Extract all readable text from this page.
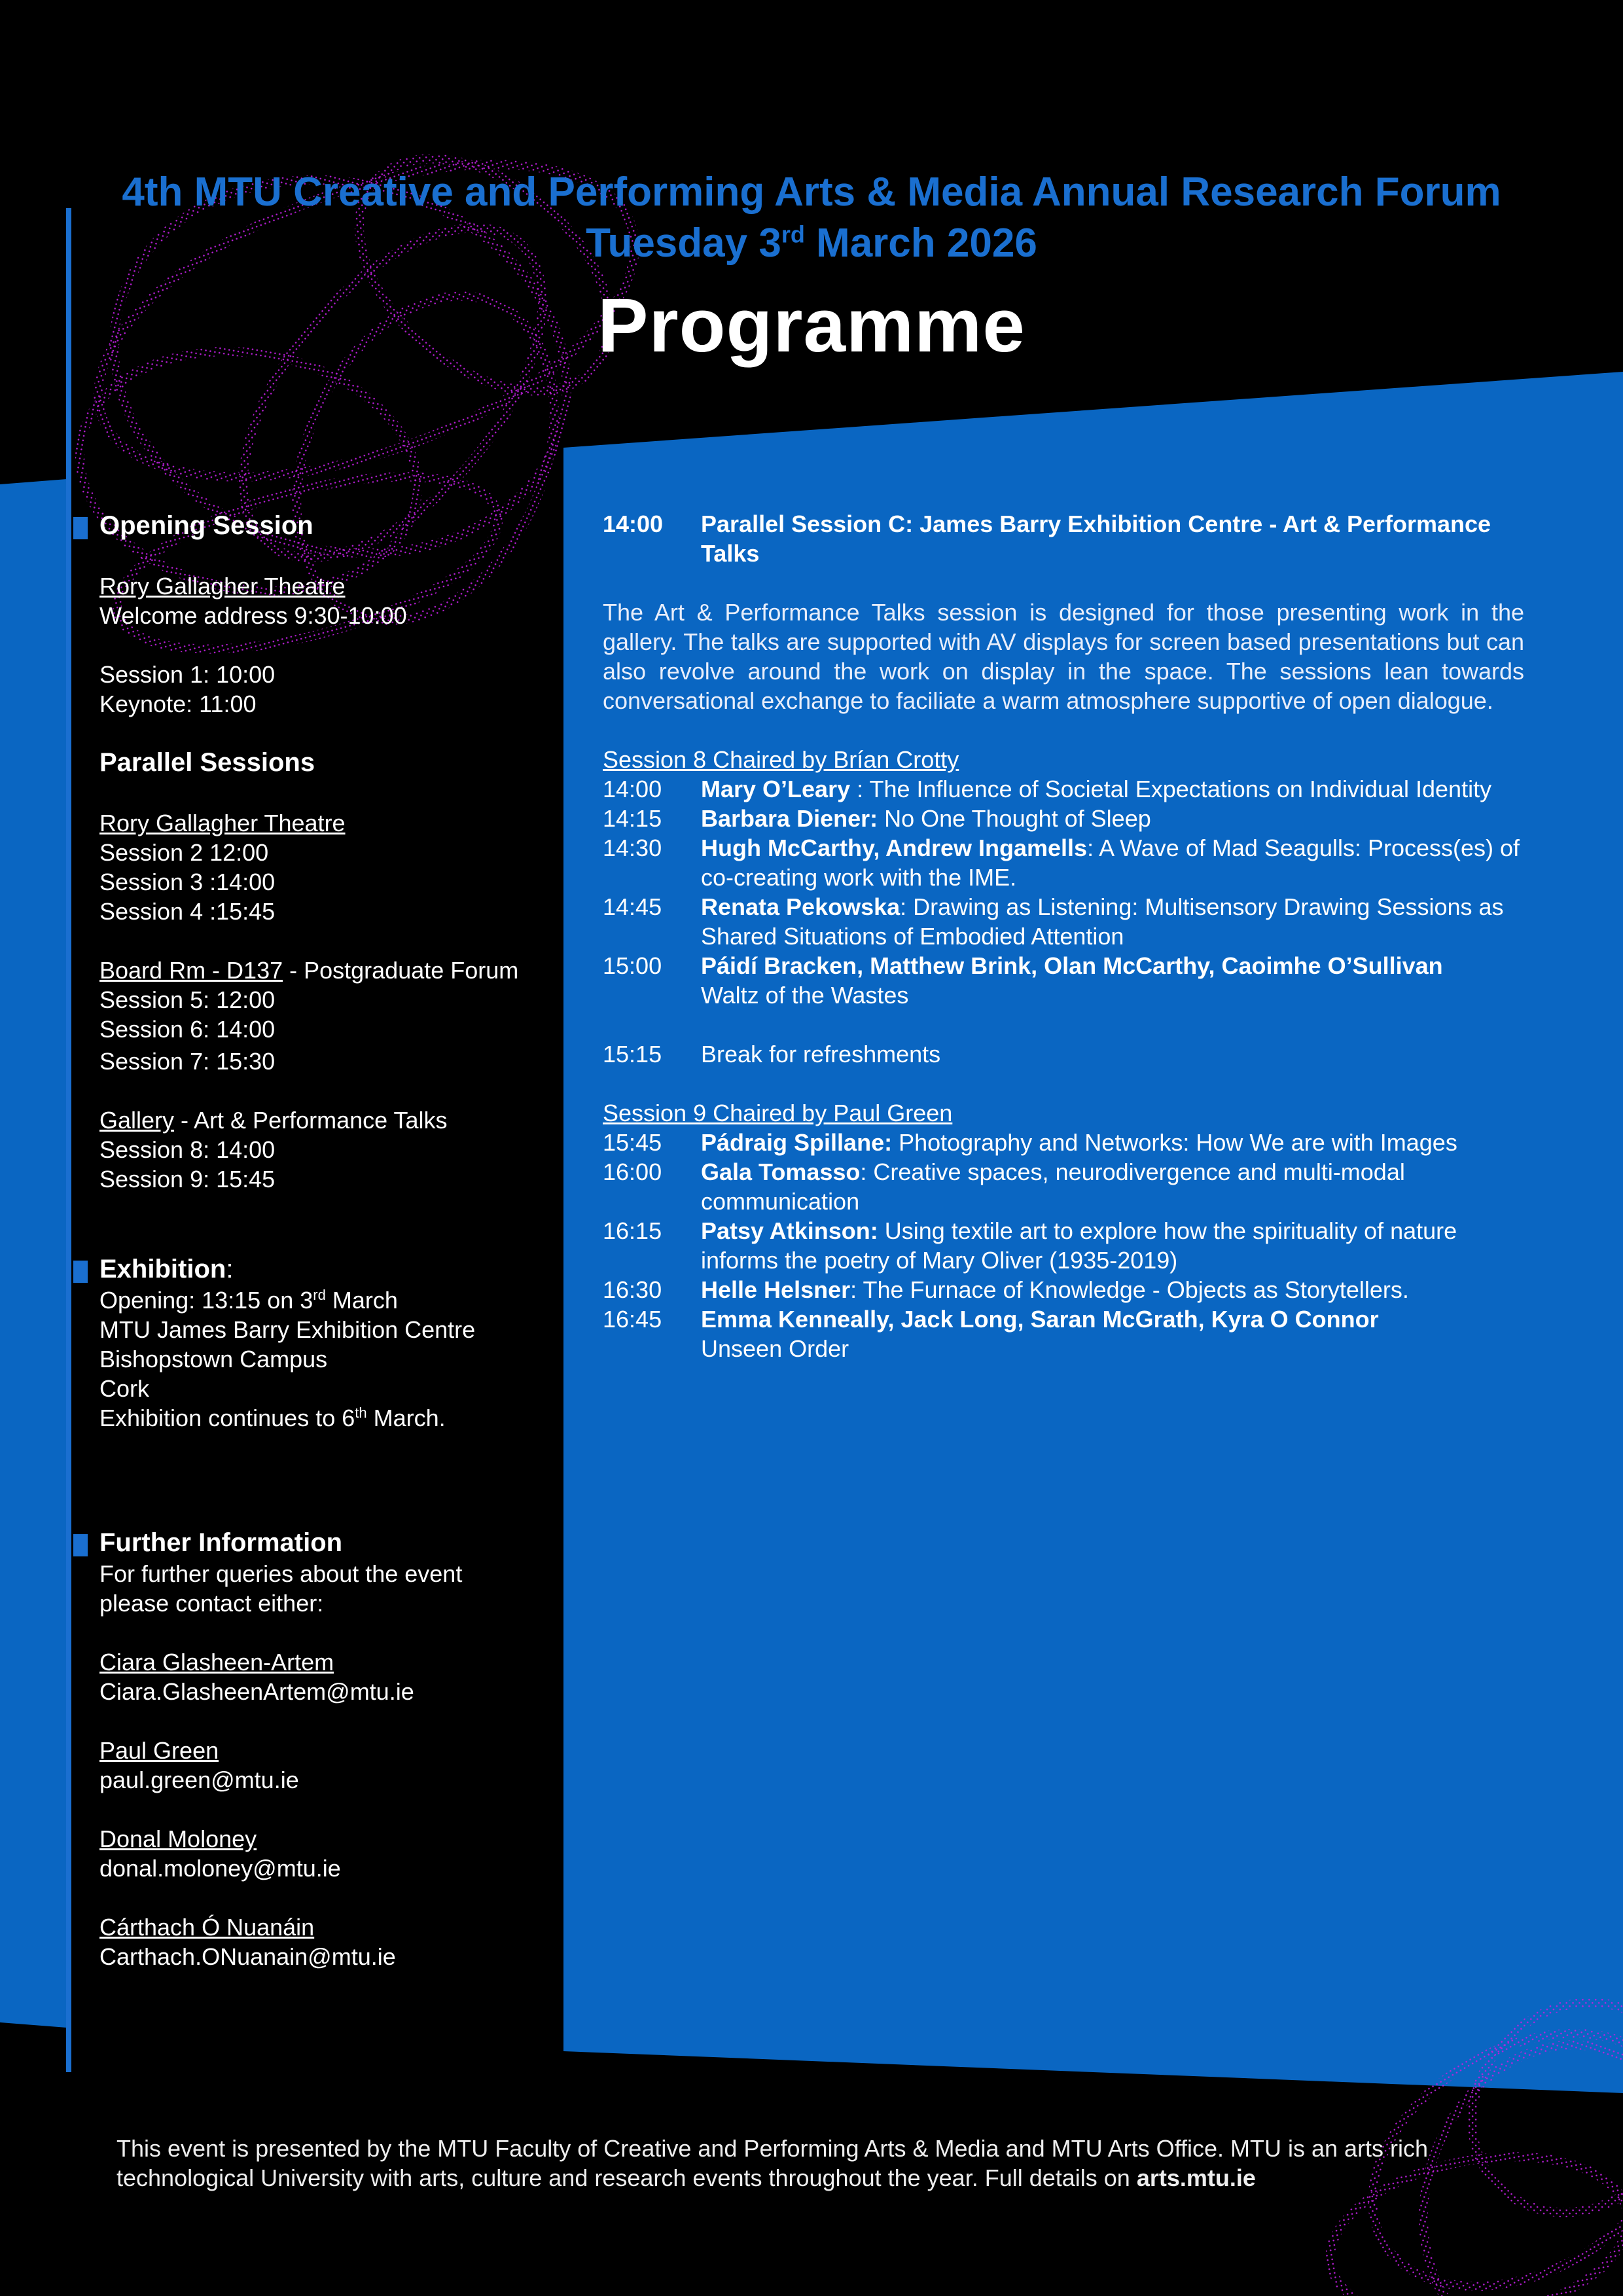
4th MTU Creative and Performing Arts & Media Annual Research Forum
Tuesday 3rd March 2026
Programme
Opening Session
Rory Gallagher Theatre
Welcome address 9:30-10:00
Session 1: 10:00
Keynote: 11:00
Parallel Sessions
Rory Gallagher Theatre
Session 2 12:00
Session 3 :14:00
Session 4 :15:45
Board Rm - D137 - Postgraduate Forum
Session 5: 12:00
Session 6: 14:00
Session 7: 15:30
Gallery - Art & Performance Talks
Session 8: 14:00
Session 9: 15:45
Exhibition:
Opening: 13:15 on 3rd March
MTU James Barry Exhibition Centre
Bishopstown Campus
Cork
Exhibition continues to 6th March.
Further Information
For further queries about the event
please contact either:
Ciara Glasheen-Artem
Ciara.GlasheenArtem@mtu.ie
Paul Green
paul.green@mtu.ie
Donal Moloney
donal.moloney@mtu.ie
Cárthach Ó Nuanáin
Carthach.ONuanain@mtu.ie
14:00	Parallel Session C: James Barry Exhibition Centre - Art & Performance Talks
The Art & Performance Talks session is designed for those presenting work in the gallery. The talks are supported with AV displays for screen based presentations but can also revolve around the work on display in the space. The sessions lean towards conversational exchange to faciliate a warm atmosphere supportive of open dialogue.
Session 8 Chaired by Brían Crotty
14:00	Mary O’Leary : The Influence of Societal Expectations on Individual Identity
14:15	Barbara Diener: No One Thought of Sleep
14:30	Hugh McCarthy, Andrew Ingamells: A Wave of Mad Seagulls: Process(es) of co-creating work with the IME.
14:45	Renata Pekowska: Drawing as Listening: Multisensory Drawing Sessions as Shared Situations of Embodied Attention
15:00	Páidí Bracken, Matthew Brink, Olan McCarthy, Caoimhe O’Sullivan
Waltz of the Wastes
15:15	Break for refreshments
Session 9 Chaired by Paul Green
15:45	Pádraig Spillane: Photography and Networks: How We are with Images
16:00	Gala Tomasso: Creative spaces, neurodivergence and multi-modal communication
16:15	Patsy Atkinson: Using textile art to explore how the spirituality of nature informs the poetry of Mary Oliver (1935-2019)
16:30	Helle Helsner: The Furnace of Knowledge - Objects as Storytellers.
16:45	Emma Kenneally, Jack Long, Saran McGrath, Kyra O Connor
Unseen Order
This event is presented by the MTU Faculty of Creative and Performing Arts & Media and MTU Arts Office. MTU is an arts rich technological University with arts, culture and research events throughout the year. Full details on arts.mtu.ie
